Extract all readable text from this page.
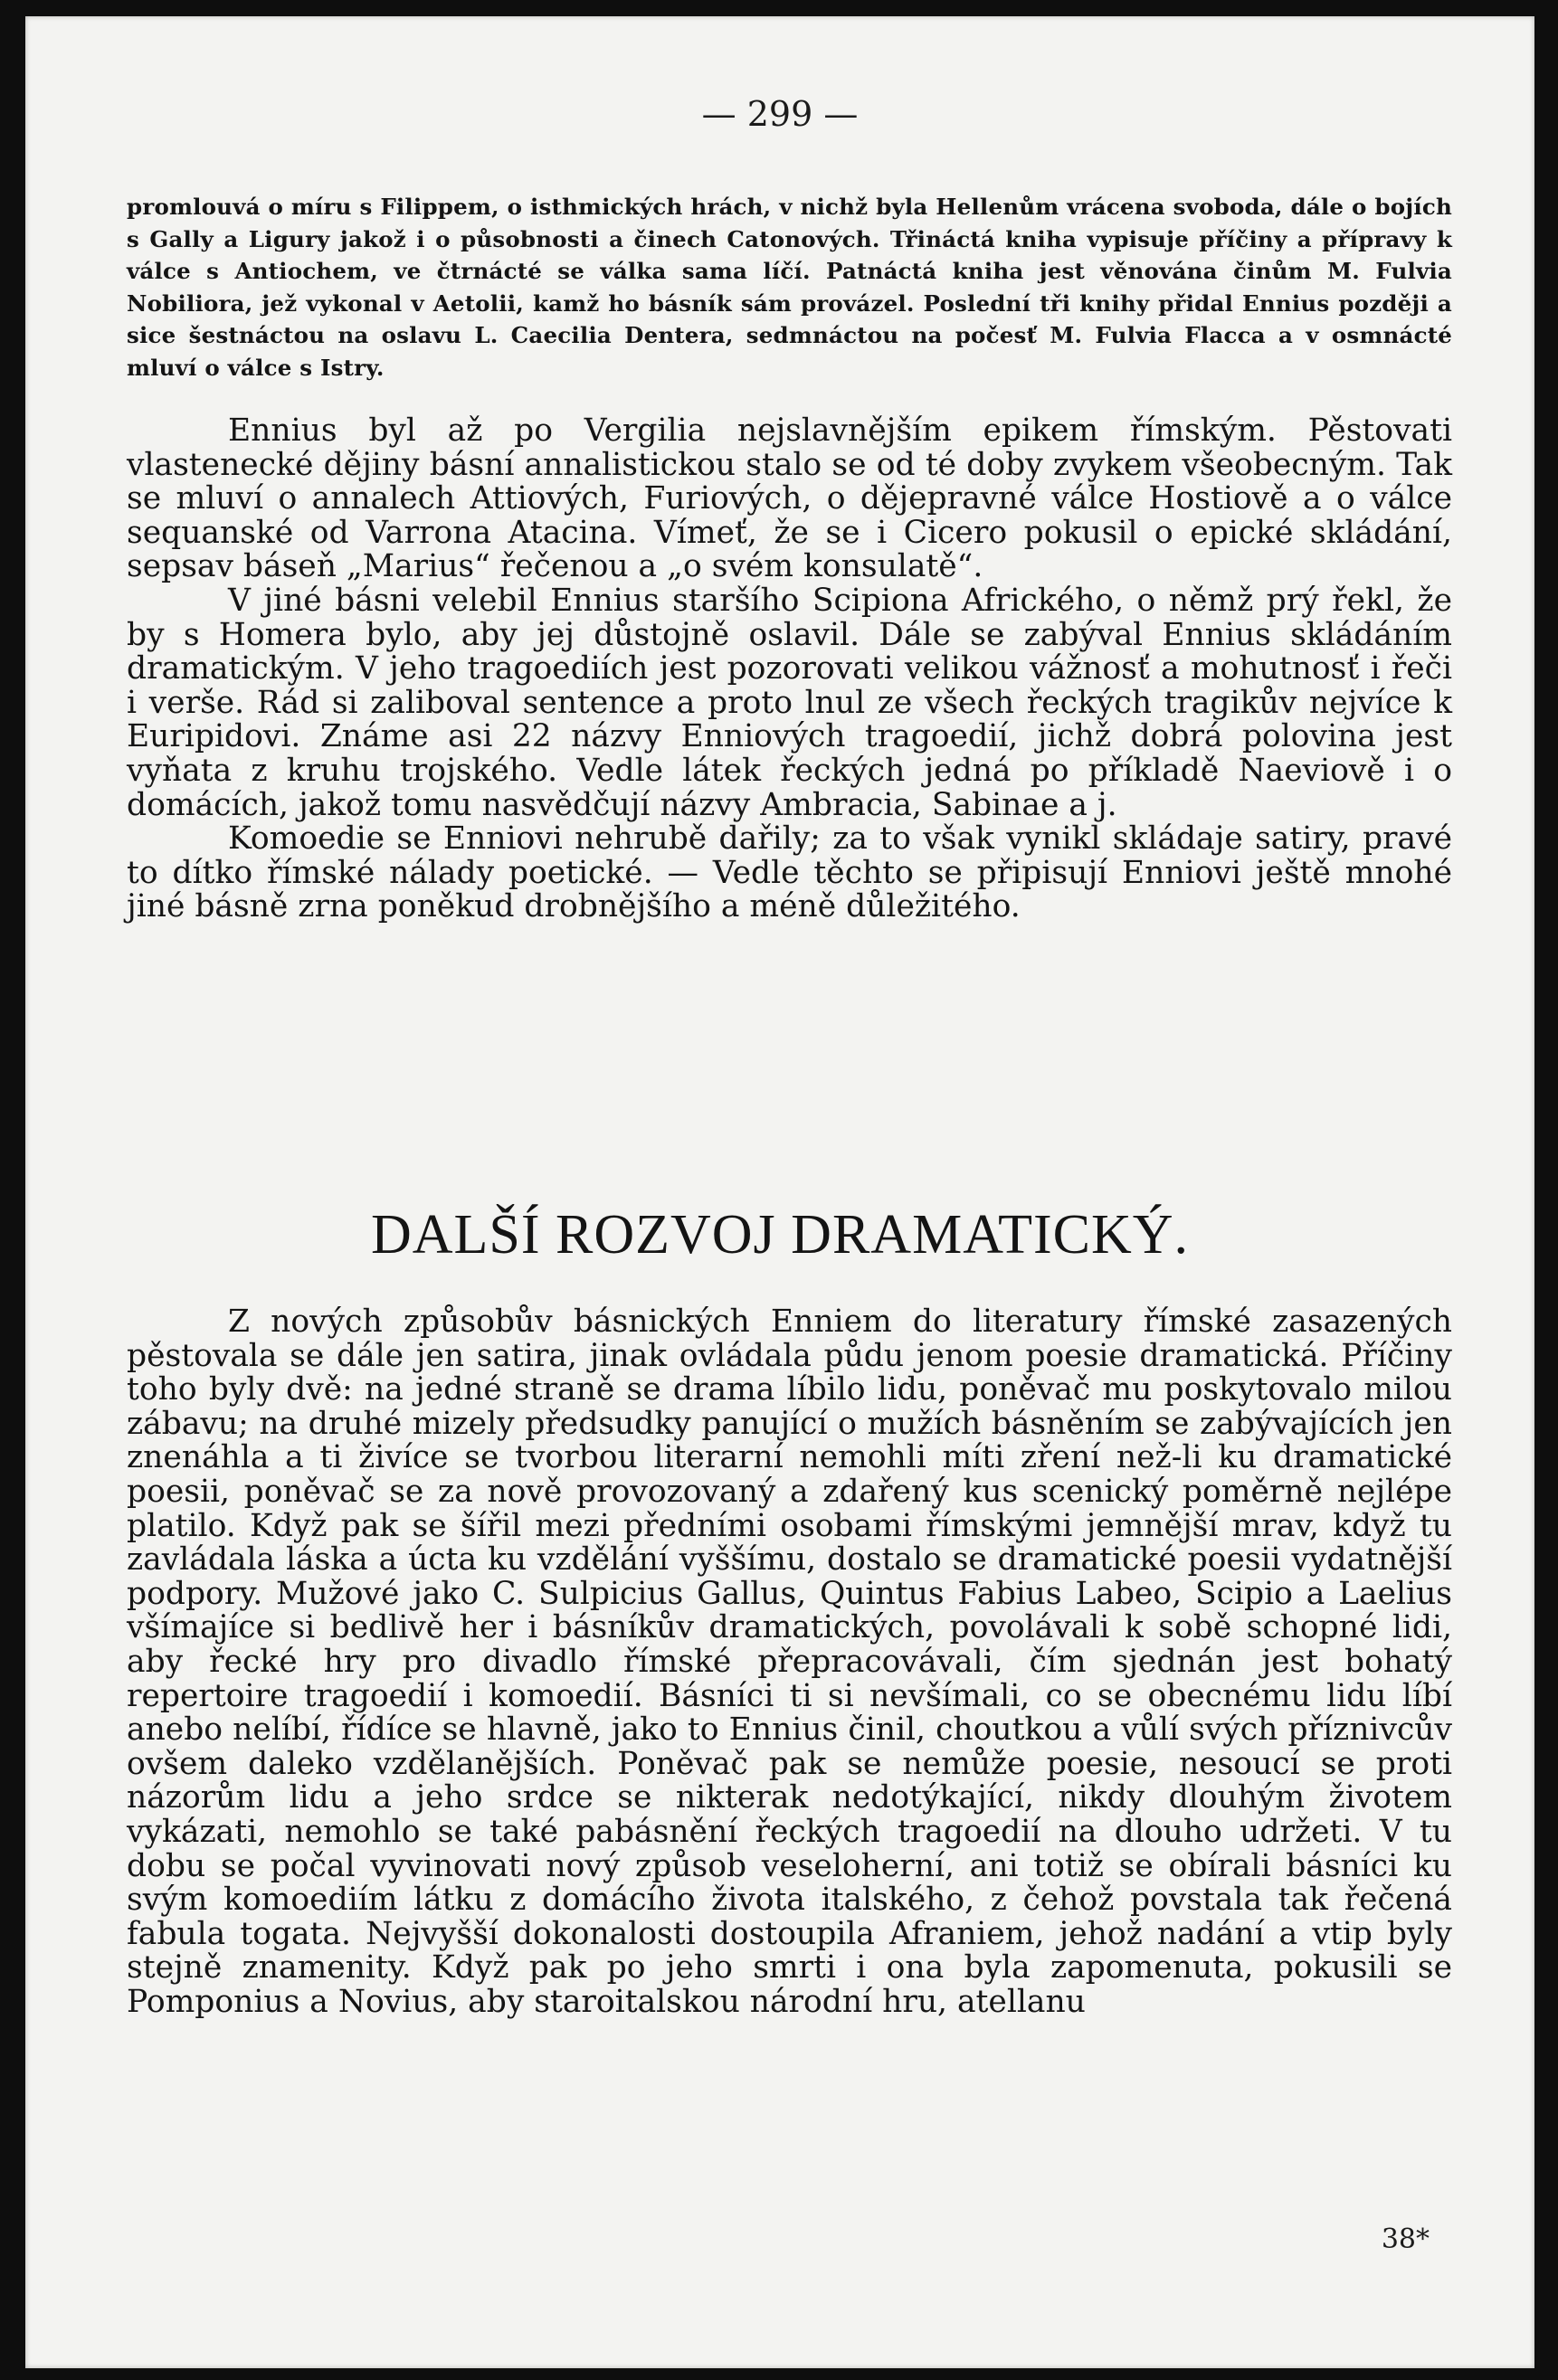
— 299 —

promlouvá o míru s Filippem, o isthmických hrách, v nichž byla Hellenům vrácena svoboda, dále o bojích s Gally a Ligury jakož i o působnosti a činech Catonových. Třináctá kniha vypisuje příčiny a přípravy k válce s Antiochem, ve čtrnácté se válka sama líčí. Patnáctá kniha jest věnována činům M. Fulvia Nobiliora, jež vykonal v Aetolii, kamž ho básník sám provázel. Poslední tři knihy přidal Ennius později a sice šestnáctou na oslavu L. Caecilia Dentera, sedmnáctou na počesť M. Fulvia Flacca a v osmnácté mluví o válce s Istry.

Ennius byl až po Vergilia nejslavnějším epikem římským. Pěstovati vlastenecké dějiny básní annalistickou stalo se od té doby zvykem všeobecným. Tak se mluví o annalech Attiových, Furiových, o dějepravné válce Hostiově a o válce sequanské od Varrona Atacina. Vímeť, že se i Cicero pokusil o epické skládání, sepsav báseň „Marius“ řečenou a „o svém konsulatě“.

V jiné básni velebil Ennius staršího Scipiona Afrického, o němž prý řekl, že by s Homera bylo, aby jej důstojně oslavil. Dále se zabýval Ennius skládáním dramatickým. V jeho tragoediích jest pozorovati velikou vážnosť a mohutnosť i řeči i verše. Rád si zaliboval sentence a proto lnul ze všech řeckých tragikův nejvíce k Euripidovi. Známe asi 22 názvy Enniových tragoedií, jichž dobrá polovina jest vyňata z kruhu trojského. Vedle látek řeckých jedná po příkladě Naeviově i o domácích, jakož tomu nasvědčují názvy Ambracia, Sabinae a j.

Komoedie se Enniovi nehrubě dařily; za to však vynikl skládaje satiry, pravé to dítko římské nálady poetické. — Vedle těchto se připisují Enniovi ještě mnohé jiné básně zrna poněkud drobnějšího a méně důležitého.

DALŠÍ ROZVOJ DRAMATICKÝ.

Z nových způsobův básnických Enniem do literatury římské zasazených pěstovala se dále jen satira, jinak ovládala půdu jenom poesie dramatická. Příčiny toho byly dvě: na jedné straně se drama líbilo lidu, poněvač mu poskytovalo milou zábavu; na druhé mizely předsudky panující o mužích básněním se zabývajících jen znenáhla a ti živíce se tvorbou literarní nemohli míti zření než-li ku dramatické poesii, poněvač se za nově provozovaný a zdařený kus scenický poměrně nejlépe platilo. Když pak se šířil mezi předními osobami římskými jemnější mrav, když tu zavládala láska a úcta ku vzdělání vyššímu, dostalo se dramatické poesii vydatnější podpory. Mužové jako C. Sulpicius Gallus, Quintus Fabius Labeo, Scipio a Laelius všímajíce si bedlivě her i básníkův dramatických, povolávali k sobě schopné lidi, aby řecké hry pro divadlo římské přepracovávali, čím sjednán jest bohatý repertoire tragoedií i komoedií. Básníci ti si nevšímali, co se obecnému lidu líbí anebo nelíbí, řídíce se hlavně, jako to Ennius činil, choutkou a vůlí svých příznivcův ovšem daleko vzdělanějších. Poněvač pak se nemůže poesie, nesoucí se proti názorům lidu a jeho srdce se nikterak nedotýkající, nikdy dlouhým životem vykázati, nemohlo se také pabásnění řeckých tragoedií na dlouho udržeti. V tu dobu se počal vyvinovati nový způsob veseloherní, ani totiž se obírali básníci ku svým komoediím látku z domácího života italského, z čehož povstala tak řečená fabula togata. Nejvyšší dokonalosti dostoupila Afraniem, jehož nadání a vtip byly stejně znamenity. Když pak po jeho smrti i ona byla zapomenuta, pokusili se Pomponius a Novius, aby staroitalskou národní hru, atellanu

38*
